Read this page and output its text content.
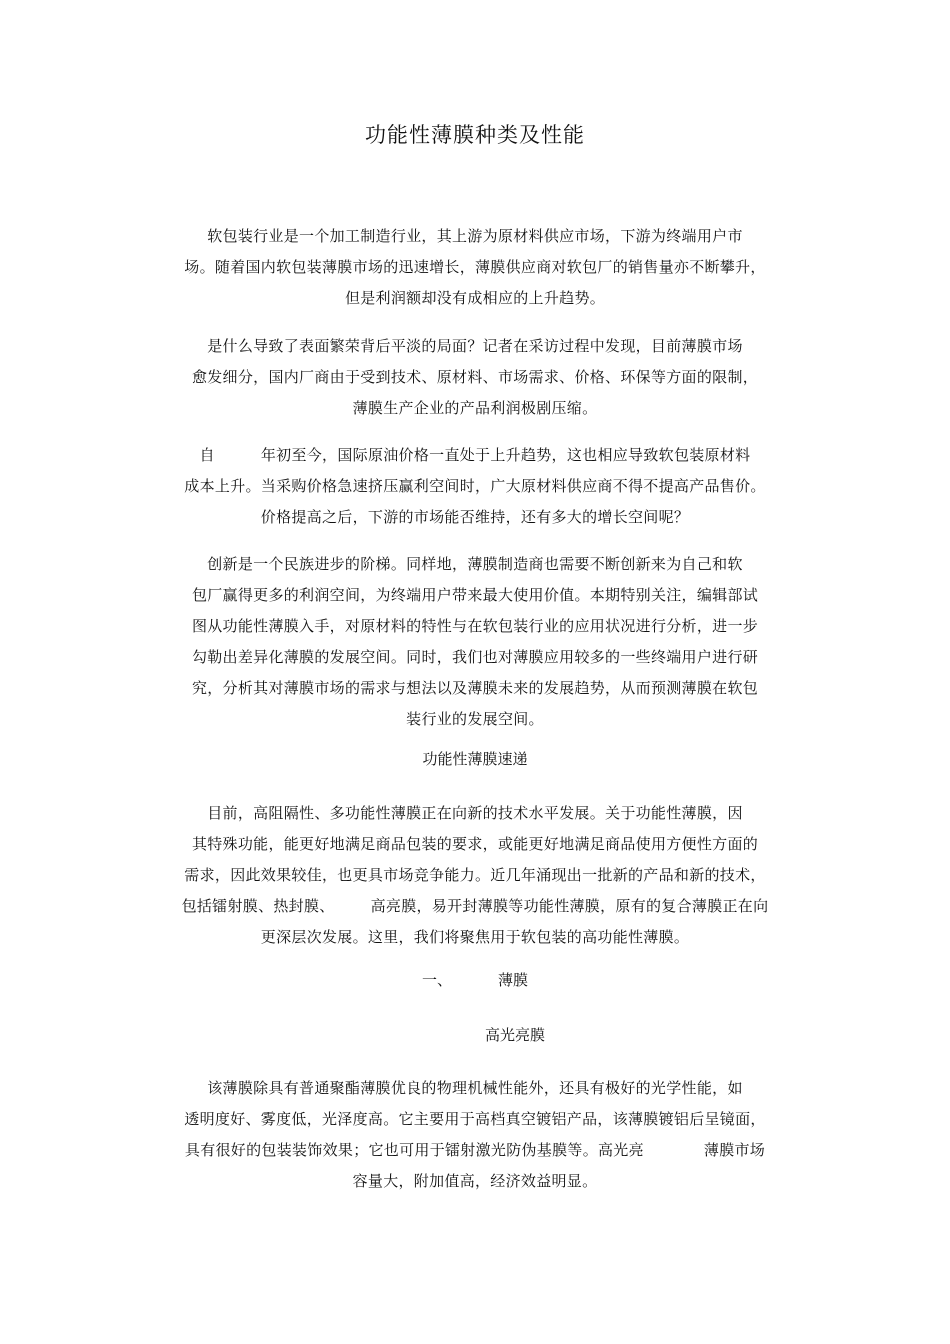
功能性薄膜种类及性能
软包装行业是一个加工制造行业，其上游为原材料供应市场，下游为终端用户市
场。随着国内软包装薄膜市场的迅速增长，薄膜供应商对软包厂的销售量亦不断攀升，
但是利润额却没有成相应的上升趋势。
是什么导致了表面繁荣背后平淡的局面？记者在采访过程中发现，目前薄膜市场
愈发细分，国内厂商由于受到技术、原材料、市场需求、价格、环保等方面的限制，
薄膜生产企业的产品利润极剧压缩。
自	年初至今，国际原油价格一直处于上升趋势，这也相应导致软包装原材料
成本上升。当采购价格急速挤压赢利空间时，广大原材料供应商不得不提高产品售价。
价格提高之后，下游的市场能否维持，还有多大的增长空间呢？
创新是一个民族进步的阶梯。同样地，薄膜制造商也需要不断创新来为自己和软
包厂赢得更多的利润空间，为终端用户带来最大使用价值。本期特别关注，编辑部试
图从功能性薄膜入手，对原材料的特性与在软包装行业的应用状况进行分析，进一步
勾勒出差异化薄膜的发展空间。同时，我们也对薄膜应用较多的一些终端用户进行研
究，分析其对薄膜市场的需求与想法以及薄膜未来的发展趋势，从而预测薄膜在软包
装行业的发展空间。
功能性薄膜速递
目前，高阻隔性、多功能性薄膜正在向新的技术水平发展。关于功能性薄膜，因
其特殊功能，能更好地满足商品包装的要求，或能更好地满足商品使用方便性方面的
需求，因此效果较佳，也更具市场竞争能力。近几年涌现出一批新的产品和新的技术，
包括镭射膜、热封膜、 高亮膜，易开封薄膜等功能性薄膜，原有的复合薄膜正在向
更深层次发展。这里，我们将聚焦用于软包装的高功能性薄膜。
一、	薄膜
高光亮膜
该薄膜除具有普通聚酯薄膜优良的物理机械性能外，还具有极好的光学性能，如
透明度好、雾度低，光泽度高。它主要用于高档真空镀铝产品，该薄膜镀铝后呈镜面，
具有很好的包装装饰效果；它也可用于镭射激光防伪基膜等。高光亮	薄膜市场
容量大，附加值高，经济效益明显。
